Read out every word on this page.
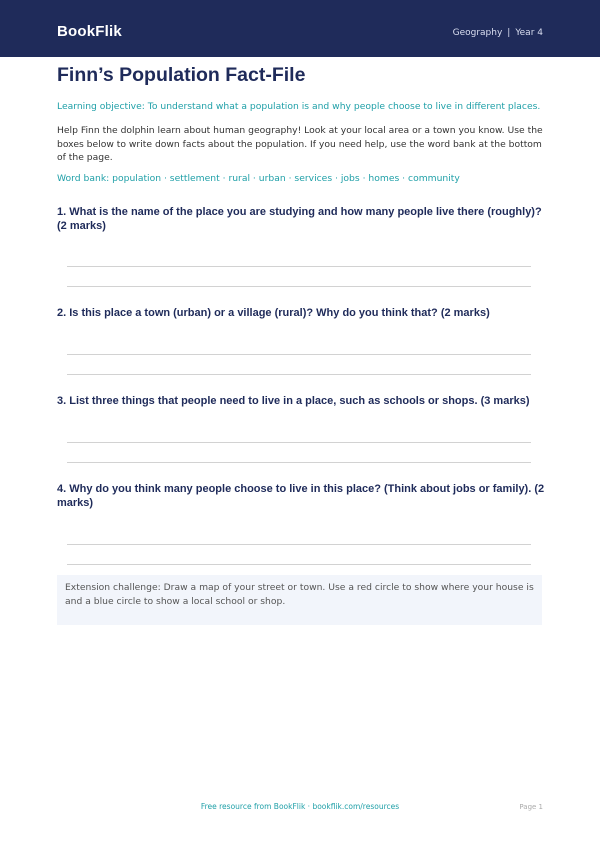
BookFlik	Geography | Year 4
Finn’s Population Fact-File

Learning objective: To understand what a population is and why people choose to live in different places.

Help Finn the dolphin learn about human geography! Look at your local area or a town you know. Use the boxes below to write down facts about the population. If you need help, use the word bank at the bottom of the page.

Word bank: population · settlement · rural · urban · services · jobs · homes · community

1. What is the name of the place you are studying and how many people live there (roughly)? (2 marks)
2. Is this place a town (urban) or a village (rural)? Why do you think that? (2 marks)
3. List three things that people need to live in a place, such as schools or shops. (3 marks)
4. Why do you think many people choose to live in this place? (Think about jobs or family). (2 marks)
Extension challenge: Draw a map of your street or town. Use a red circle to show where your house is and a blue circle to show a local school or shop.
Free resource from BookFlik · bookflik.com/resources	Page 1
